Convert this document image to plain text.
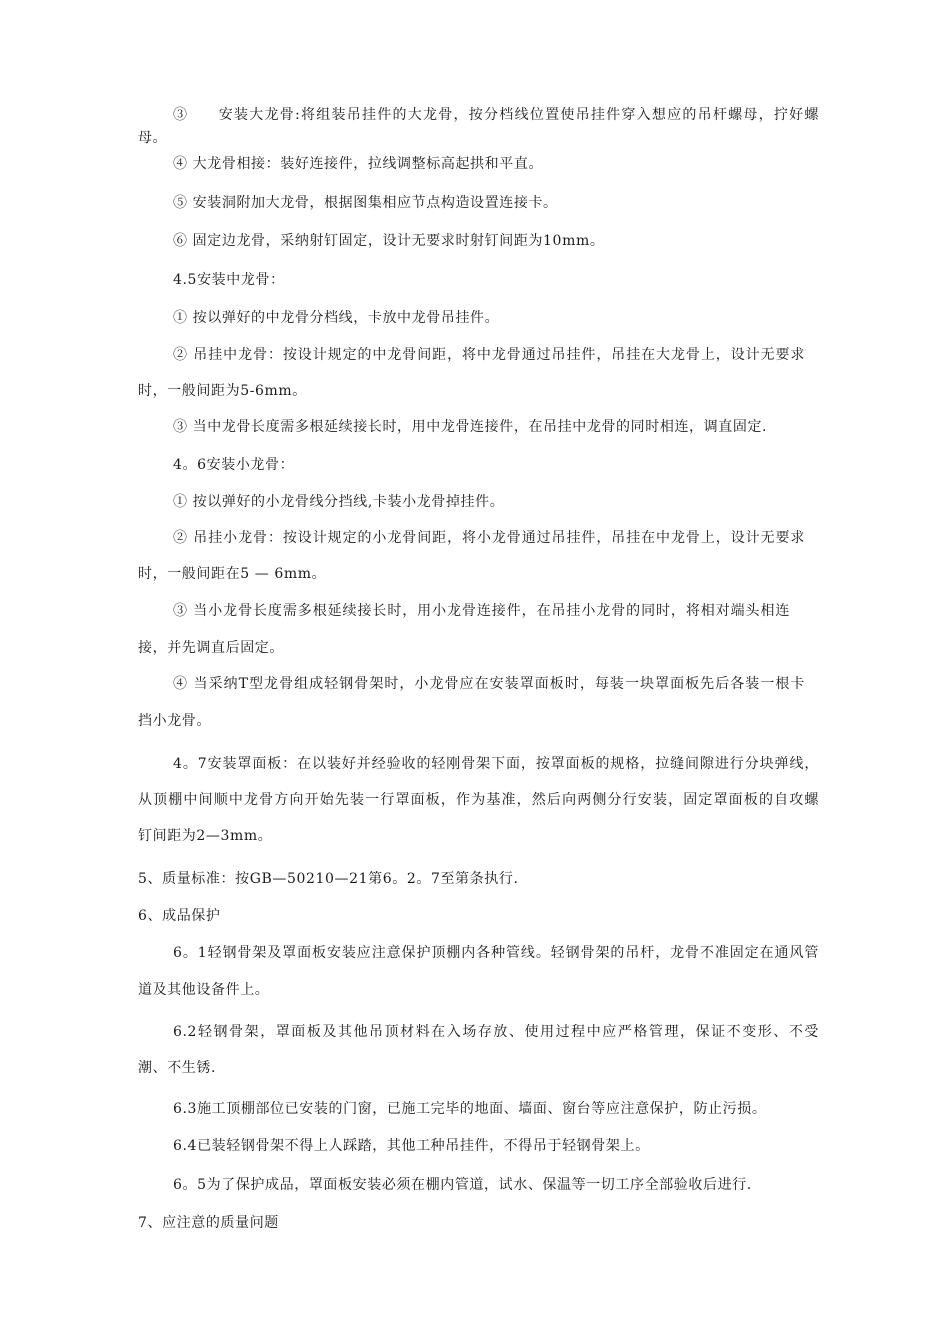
③　　安装大龙骨:将组装吊挂件的大龙骨，按分档线位置使吊挂件穿入想应的吊杆螺母，拧好螺
母。
④ 大龙骨相接：装好连接件，拉线调整标高起拱和平直。
⑤ 安装洞附加大龙骨，根据图集相应节点构造设置连接卡。
⑥ 固定边龙骨，采纳射钉固定，设计无要求时射钉间距为10mm。
4.5安装中龙骨：
① 按以弹好的中龙骨分档线，卡放中龙骨吊挂件。
② 吊挂中龙骨：按设计规定的中龙骨间距，将中龙骨通过吊挂件，吊挂在大龙骨上，设计无要求
时，一般间距为5-6mm。
③ 当中龙骨长度需多根延续接长时，用中龙骨连接件，在吊挂中龙骨的同时相连，调直固定.
4。6安装小龙骨：
① 按以弹好的小龙骨线分挡线,卡装小龙骨掉挂件。
② 吊挂小龙骨：按设计规定的小龙骨间距，将小龙骨通过吊挂件，吊挂在中龙骨上，设计无要求
时，一般间距在5 — 6mm。
③ 当小龙骨长度需多根延续接长时，用小龙骨连接件，在吊挂小龙骨的同时，将相对端头相连
接，并先调直后固定。
④ 当采纳T型龙骨组成轻钢骨架时，小龙骨应在安装罩面板时，每装一块罩面板先后各装一根卡
挡小龙骨。
4。7安装罩面板：在以装好并经验收的轻刚骨架下面，按罩面板的规格，拉缝间隙进行分块弹线，
从顶棚中间顺中龙骨方向开始先装一行罩面板，作为基准，然后向两侧分行安装，固定罩面板的自攻螺
钉间距为2—3mm。
5、质量标准：按GB—50210—21第6。2。7至第条执行.
6、成品保护
6。1轻钢骨架及罩面板安装应注意保护顶棚内各种管线。轻钢骨架的吊杆，龙骨不准固定在通风管
道及其他设备件上。
6.2轻钢骨架，罩面板及其他吊顶材料在入场存放、使用过程中应严格管理，保证不变形、不受
潮、不生锈.
6.3施工顶棚部位已安装的门窗，已施工完毕的地面、墙面、窗台等应注意保护，防止污损。
6.4已装轻钢骨架不得上人踩踏，其他工种吊挂件，不得吊于轻钢骨架上。
6。5为了保护成品，罩面板安装必须在棚内管道，试水、保温等一切工序全部验收后进行.
7、应注意的质量问题
